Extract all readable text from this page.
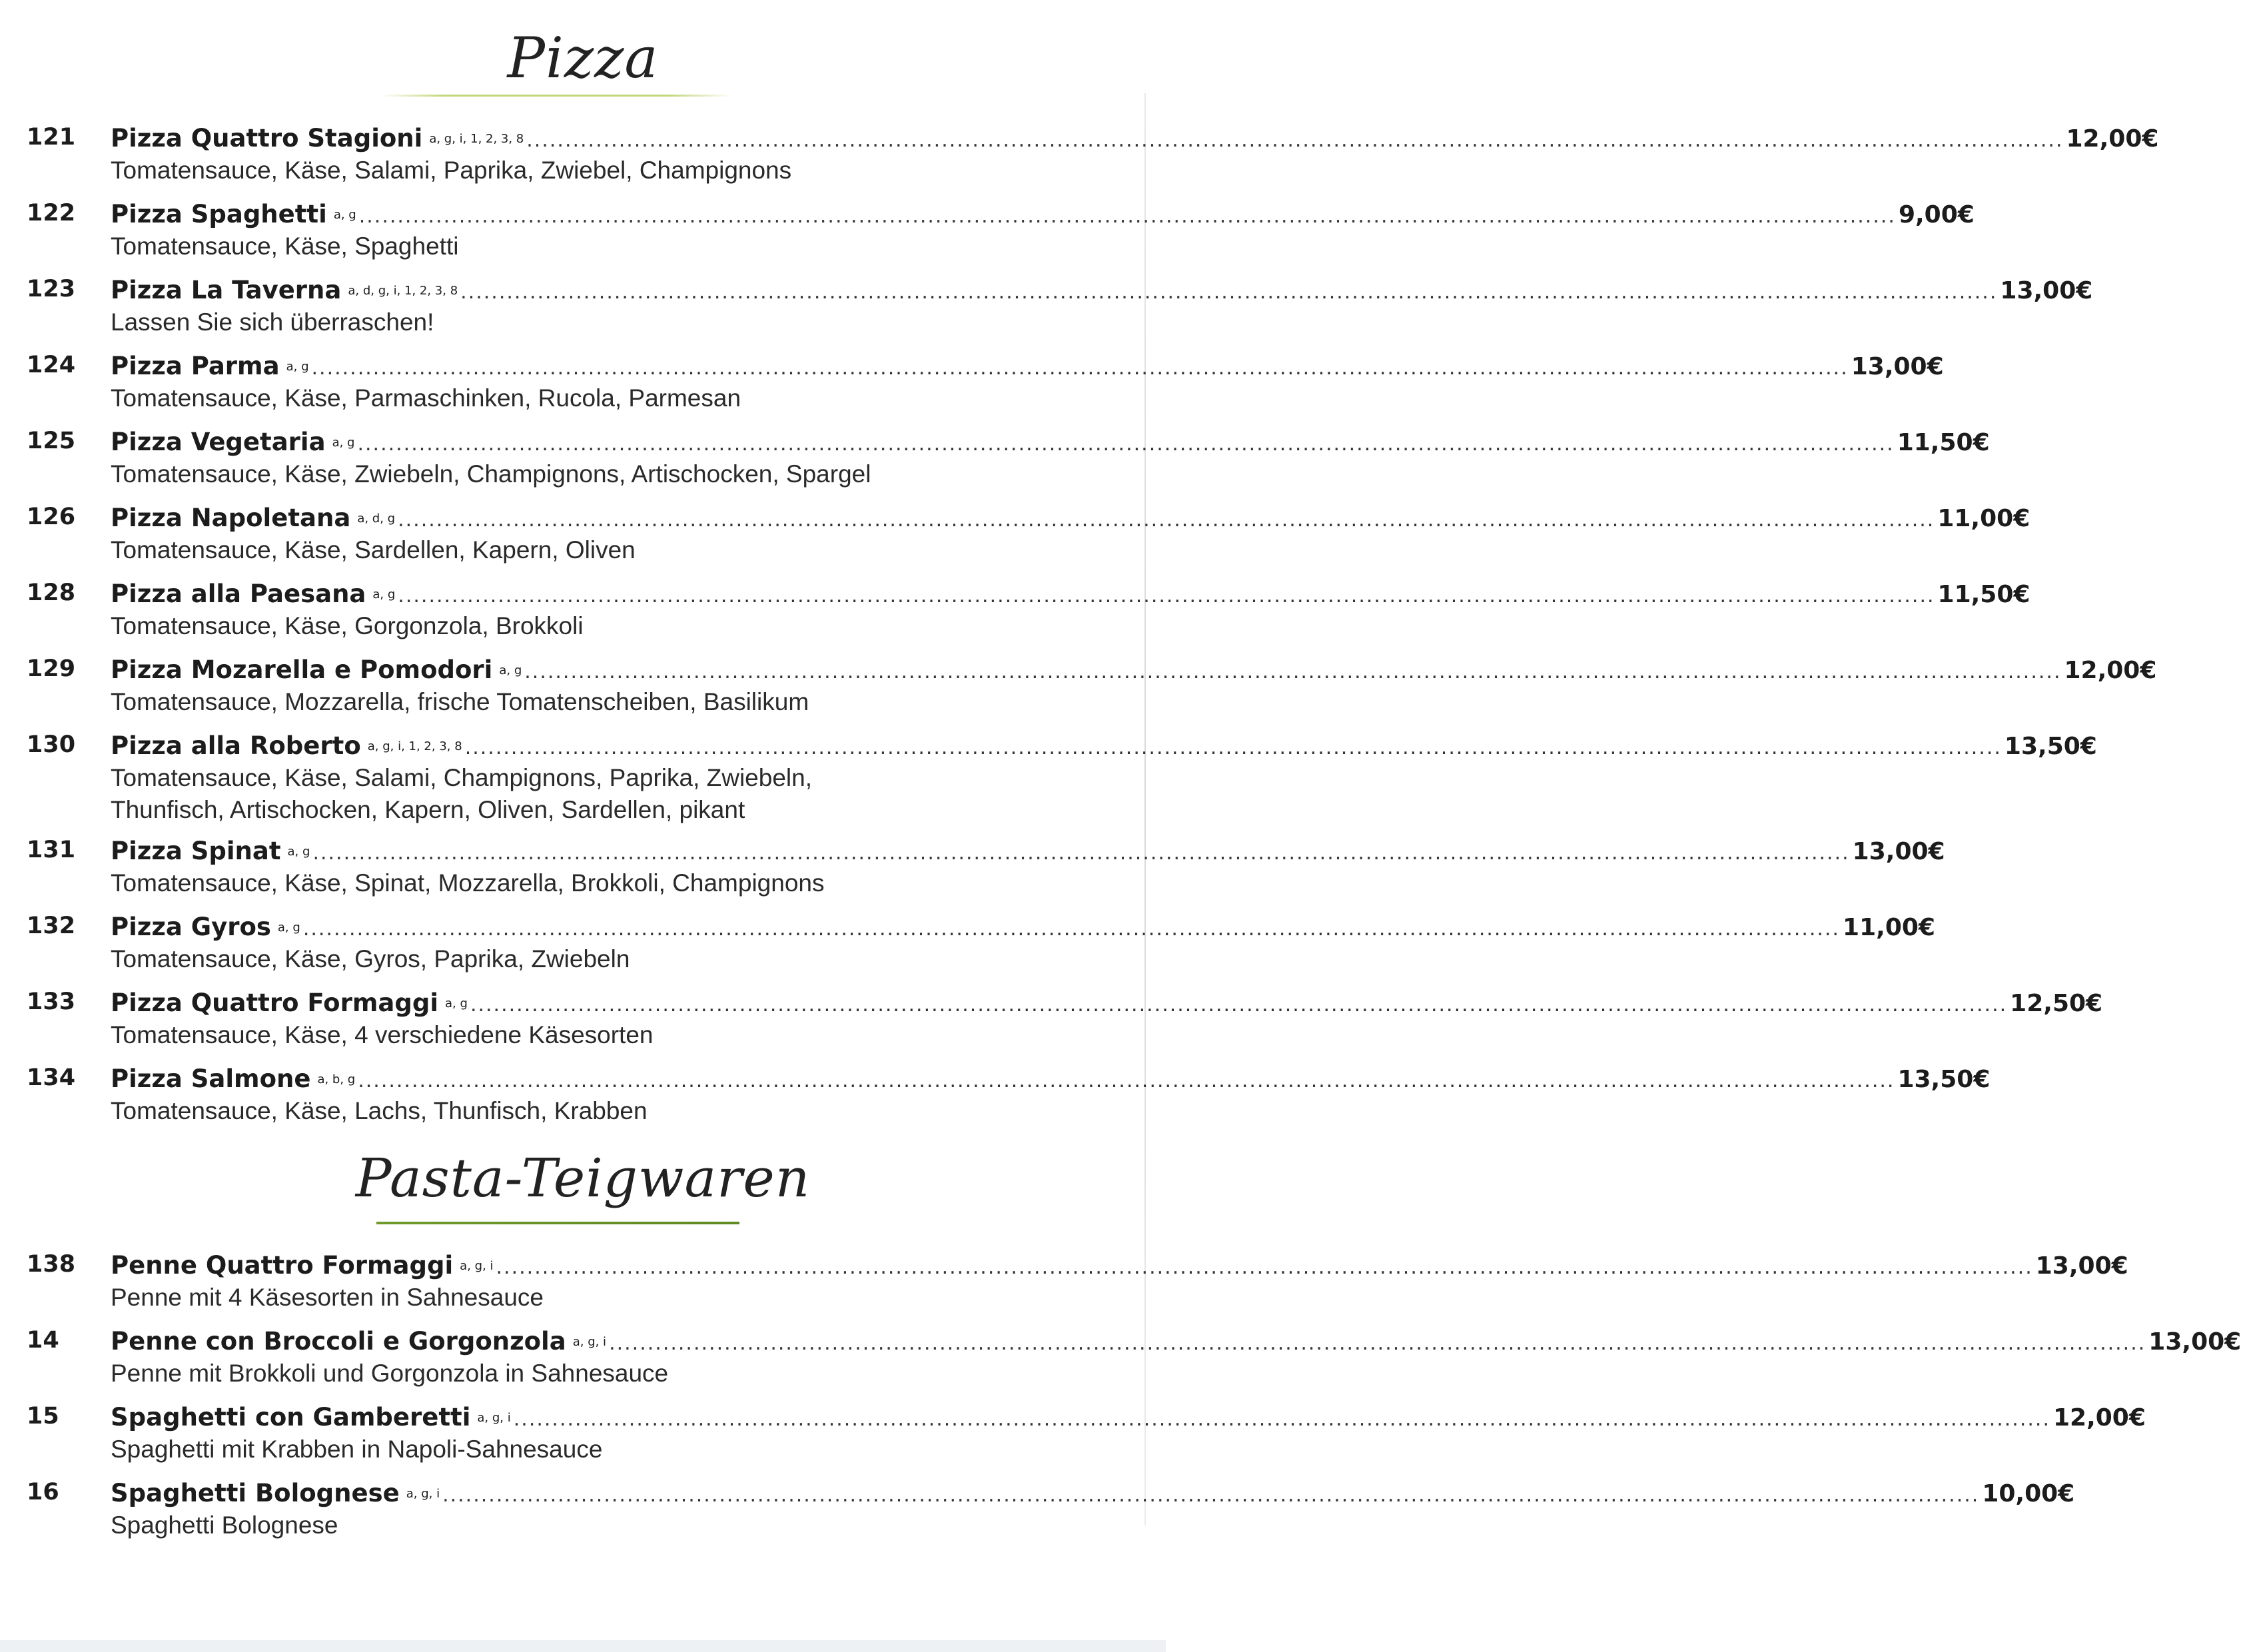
Pizza
121 Pizza Quattro Stagioni a, g, i, 1, 2, 3, 8 ........................................................................................................................................................................................................ 12,00€
Tomatensauce, Käse, Salami, Paprika, Zwiebel, Champignons
122 Pizza Spaghetti a, g ........................................................................................................................................................................................................ 9,00€
Tomatensauce, Käse, Spaghetti
123 Pizza La Taverna a, d, g, i, 1, 2, 3, 8 ........................................................................................................................................................................................................ 13,00€
Lassen Sie sich überraschen!
124 Pizza Parma a, g ........................................................................................................................................................................................................ 13,00€
Tomatensauce, Käse, Parmaschinken, Rucola, Parmesan
125 Pizza Vegetaria a, g ........................................................................................................................................................................................................ 11,50€
Tomatensauce, Käse, Zwiebeln, Champignons, Artischocken, Spargel
126 Pizza Napoletana a, d, g ........................................................................................................................................................................................................ 11,00€
Tomatensauce, Käse, Sardellen, Kapern, Oliven
128 Pizza alla Paesana a, g ........................................................................................................................................................................................................ 11,50€
Tomatensauce, Käse, Gorgonzola, Brokkoli
129 Pizza Mozarella e Pomodori a, g ........................................................................................................................................................................................................ 12,00€
Tomatensauce, Mozzarella, frische Tomatenscheiben, Basilikum
130 Pizza alla Roberto a, g, i, 1, 2, 3, 8 ........................................................................................................................................................................................................ 13,50€
Tomatensauce, Käse, Salami, Champignons, Paprika, Zwiebeln,
Thunfisch, Artischocken, Kapern, Oliven, Sardellen, pikant
131 Pizza Spinat a, g ........................................................................................................................................................................................................ 13,00€
Tomatensauce, Käse, Spinat, Mozzarella, Brokkoli, Champignons
132 Pizza Gyros a, g ........................................................................................................................................................................................................ 11,00€
Tomatensauce, Käse, Gyros, Paprika, Zwiebeln
133 Pizza Quattro Formaggi a, g ........................................................................................................................................................................................................ 12,50€
Tomatensauce, Käse, 4 verschiedene Käsesorten
134 Pizza Salmone a, b, g ........................................................................................................................................................................................................ 13,50€
Tomatensauce, Käse, Lachs, Thunfisch, Krabben
Pasta-Teigwaren
138 Penne Quattro Formaggi a, g, i ........................................................................................................................................................................................................ 13,00€
Penne mit 4 Käsesorten in Sahnesauce
14 Penne con Broccoli e Gorgonzola a, g, i ........................................................................................................................................................................................................ 13,00€
Penne mit Brokkoli und Gorgonzola in Sahnesauce
15 Spaghetti con Gamberetti a, g, i ........................................................................................................................................................................................................ 12,00€
Spaghetti mit Krabben in Napoli-Sahnesauce
16 Spaghetti Bolognese a, g, i ........................................................................................................................................................................................................ 10,00€
Spaghetti Bolognese
